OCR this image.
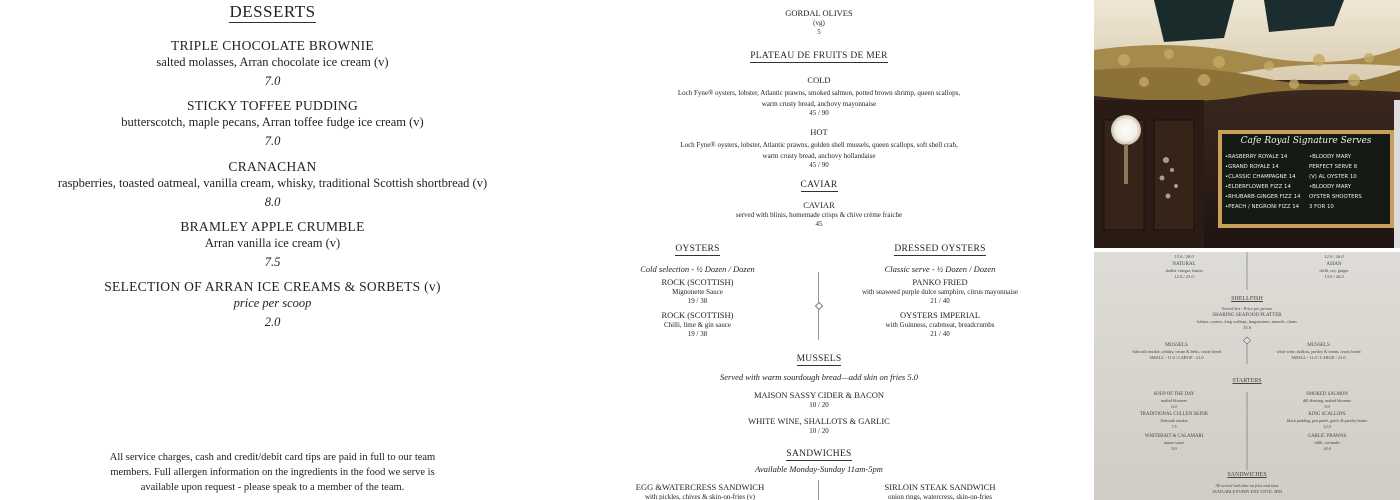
DESSERTS
TRIPLE CHOCOLATE BROWNIE
salted molasses, Arran chocolate ice cream (v)
7.0
STICKY TOFFEE PUDDING
butterscotch, maple pecans, Arran toffee fudge ice cream (v)
7.0
CRANACHAN
raspberries, toasted oatmeal, vanilla cream, whisky, traditional Scottish shortbread (v)
8.0
BRAMLEY APPLE CRUMBLE
Arran vanilla ice cream (v)
7.5
SELECTION OF ARRAN ICE CREAMS & SORBETS (v)
price per scoop
2.0
All service charges, cash and credit/debit card tips are paid in full to our team members. Full allergen information on the ingredients in the food we serve is available upon request - please speak to a member of the team.
GORDAL OLIVES
(vg)
5
PLATEAU DE FRUITS DE MER
COLD
Loch Fyne® oysters, lobster, Atlantic prawns, smoked salmon, potted brown shrimp, queen scallops,
warm crusty bread, anchovy mayonnaise
45 / 90
HOT
Loch Fyne® oysters, lobster, Atlantic prawns, golden shell mussels, queen scallops, soft shell crab,
warm crusty bread, anchovy hollandaise
45 / 90
CAVIAR
CAVIAR
served with blinis, homemade crisps & chive crème fraiche
45
OYSTERS
Cold selection - ½ Dozen / Dozen
ROCK (SCOTTISH)
Mignonette Sauce
19 / 38
ROCK (SCOTTISH)
Chilli, lime & gin sauce
19 / 38
DRESSED OYSTERS
Classic serve - ½ Dozen / Dozen
PANKO FRIED
with seaweed purple dulce samphire, citrus mayonnaise
21 / 40
OYSTERS IMPERIAL
with Guinness, crabmeat, breadcrumbs
21 / 40
MUSSELS
Served with warm sourdough bread—add skin on fries 5.0
MAISON SASSY CIDER & BACON
10 / 20
WHITE WINE, SHALLOTS & GARLIC
10 / 20
SANDWICHES
Available Monday-Sunday 11am-5pm
EGG &WATERCRESS SANDWICH
with pickles, chives & skin-on-fries (v)
SIRLOIN STEAK SANDWICH
onion rings, watercress, skin-on-fries
Cafe Royal Signature Serves
•RASBERRY ROYALE 14
•GRAND ROYALE 14
•CLASSIC CHAMPAGNE 14
•ELDERFLOWER FIZZ 14
•RHUBARB-GINGER FIZZ 14
•PEACH / NEGRONI FIZZ 14
•BLOODY MARY
PERFECT SERVE 8
(V) AL OYSTER 10
•BLOODY MARY
OYSTER SHOOTERS
3 FOR 10
15.0 / 28.0
NATURAL
shallot vinegar, lemon
12.0 / 23.0
12.0 / 26.0
ASIAN
chilli, soy, ginger
13.0 / 26.0
SHELLFISH
Served hot - Price per person
SHARING SEAFOOD PLATTER
lobster, oysters, king scallops, langoustines, mussels, clams
35.0
MUSSELS
Arbroath smokie, whisky, cream & leeks, crusty bread
SMALL - 11.0 / LARGE - 21.0
MUSSELS
white wine, shallots, parsley & cream, crusty bread
SMALL - 11.0 / LARGE - 21.0
STARTERS
SOUP OF THE DAY
malted bloomer
6.0
TRADITIONAL CULLEN SKINK
Arbroath smokie
7.5
WHITEBAIT & CALAMARI
tartare sauce
9.0
SMOKED SALMON
dill dressing, malted bloomer
9.0
KING SCALLOPS
black pudding, pea purée, garlic & parsley butter
12.0
GARLIC PRAWNS
chilli, coriander
10.0
SANDWICHES
All served with skin-on fries and slaw
AVAILABLE EVERY DAY UNTIL 5PM
